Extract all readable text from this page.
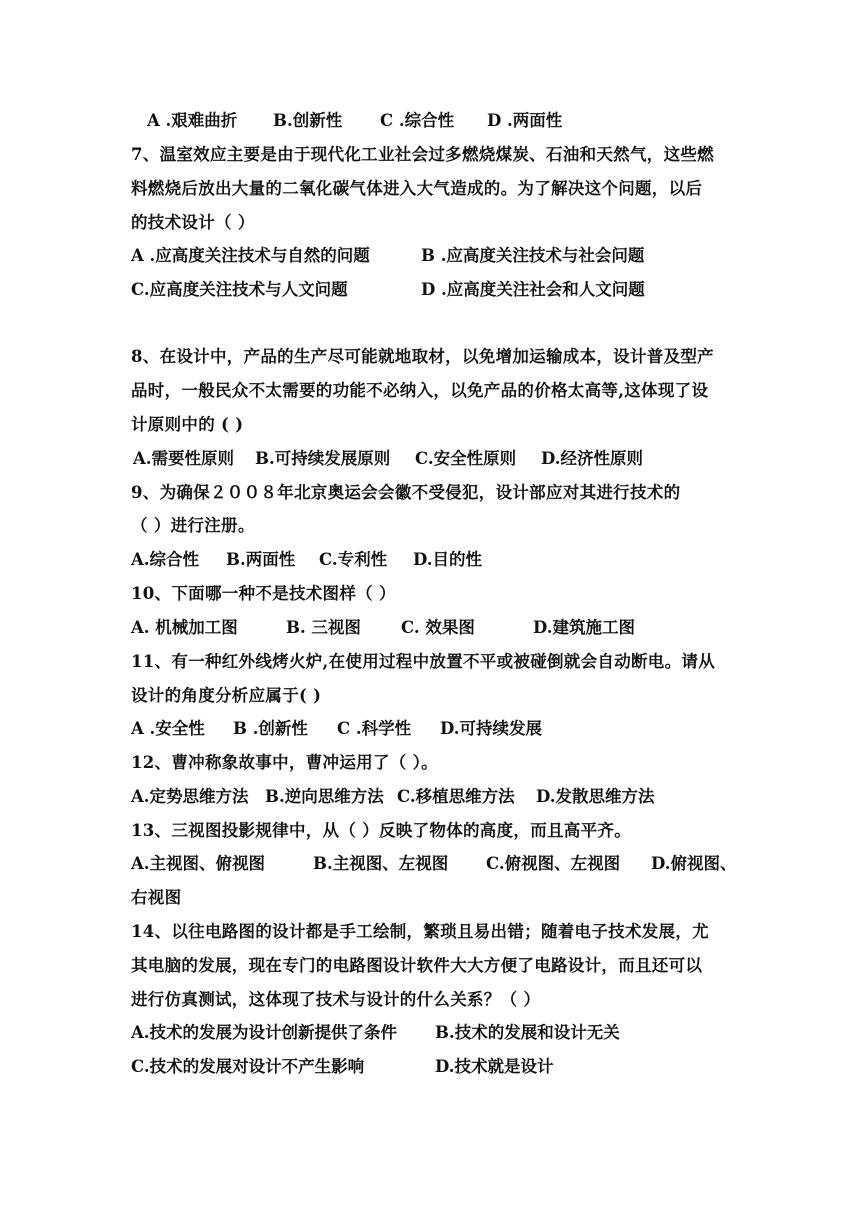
A .艰难曲折 B.创新性 C .综合性 D .两面性
7、温室效应主要是由于现代化工业社会过多燃烧煤炭、石油和天然气，这些燃
料燃烧后放出大量的二氧化碳气体进入大气造成的。为了解决这个问题，以后
的技术设计（ ）
A .应高度关注技术与自然的问题	B .应高度关注技术与社会问题
C.应高度关注技术与人文问题	D .应高度关注社会和人文问题
8、在设计中，产品的生产尽可能就地取材，以免增加运输成本，设计普及型产
品时，一般民众不太需要的功能不必纳入，以免产品的价格太高等,这体现了设
计原则中的 ( )
A.需要性原则 B.可持续发展原则 C.安全性原则 D.经济性原则
9、为确保２００８年北京奥运会会徽不受侵犯，设计部应对其进行技术的
（ ）进行注册。
A.综合性 B.两面性 C.专利性 D.目的性
10、下面哪一种不是技术图样（ ）
A. 机械加工图	B. 三视图 C. 效果图	D.建筑施工图
11、有一种红外线烤火炉,在使用过程中放置不平或被碰倒就会自动断电。请从
设计的角度分析应属于( )
A .安全性 B .创新性 C .科学性 D.可持续发展
12、曹冲称象故事中，曹冲运用了（ ）。
A.定势思维方法 B.逆向思维方法 C.移植思维方法 D.发散思维方法
13、三视图投影规律中，从（ ）反映了物体的高度，而且高平齐。
A.主视图、俯视图	B.主视图、左视图 C.俯视图、左视图 D.俯视图、
右视图
14、以往电路图的设计都是手工绘制，繁琐且易出错；随着电子技术发展，尤
其电脑的发展，现在专门的电路图设计软件大大方便了电路设计，而且还可以
进行仿真测试，这体现了技术与设计的什么关系？（ ）
A.技术的发展为设计创新提供了条件 B.技术的发展和设计无关
C.技术的发展对设计不产生影响	D.技术就是设计
